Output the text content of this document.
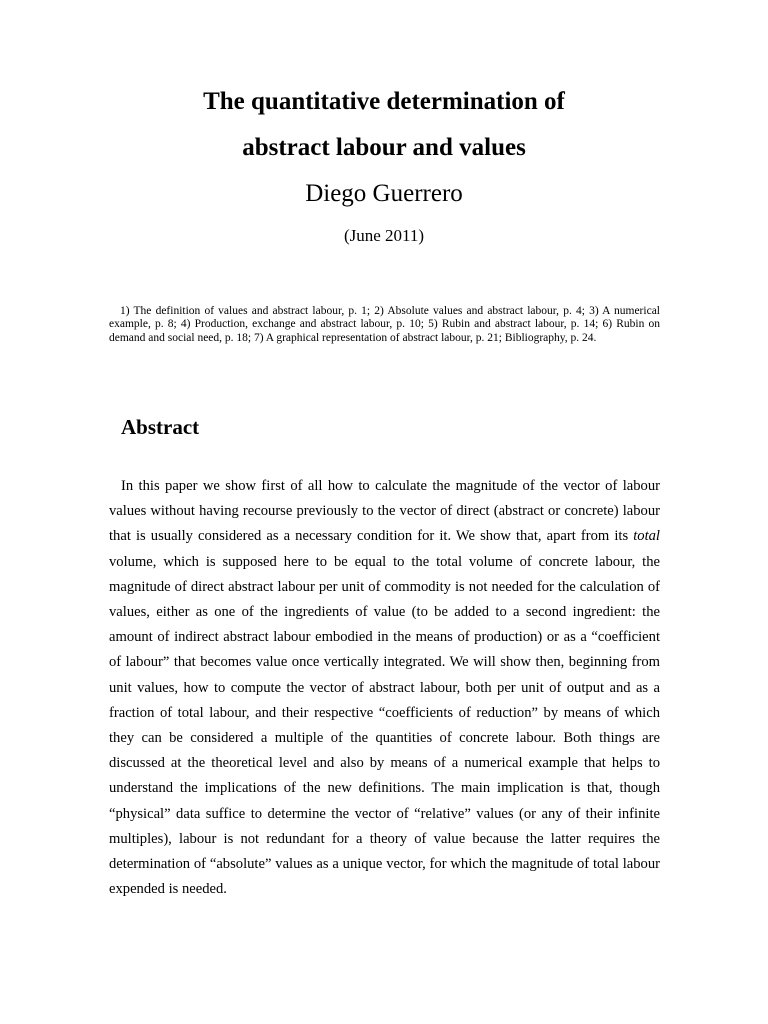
The quantitative determination of
abstract labour and values
Diego Guerrero
(June 2011)

1) The definition of values and abstract labour, p. 1; 2) Absolute values and abstract labour, p. 4; 3) A numerical example, p. 8; 4) Production, exchange and abstract labour, p. 10; 5) Rubin and abstract labour, p. 14; 6) Rubin on demand and social need, p. 18; 7) A graphical representation of abstract labour, p. 21; Bibliography, p. 24.

Abstract

In this paper we show first of all how to calculate the magnitude of the vector of labour values without having recourse previously to the vector of direct (abstract or concrete) labour that is usually considered as a necessary condition for it. We show that, apart from its total volume, which is supposed here to be equal to the total volume of concrete labour, the magnitude of direct abstract labour per unit of commodity is not needed for the calculation of values, either as one of the ingredients of value (to be added to a second ingredient: the amount of indirect abstract labour embodied in the means of production) or as a “coefficient of labour” that becomes value once vertically integrated. We will show then, beginning from unit values, how to compute the vector of abstract labour, both per unit of output and as a fraction of total labour, and their respective “coefficients of reduction” by means of which they can be considered a multiple of the quantities of concrete labour. Both things are discussed at the theoretical level and also by means of a numerical example that helps to understand the implications of the new definitions. The main implication is that, though “physical” data suffice to determine the vector of “relative” values (or any of their infinite multiples), labour is not redundant for a theory of value because the latter requires the determination of “absolute” values as a unique vector, for which the magnitude of total labour expended is needed.
